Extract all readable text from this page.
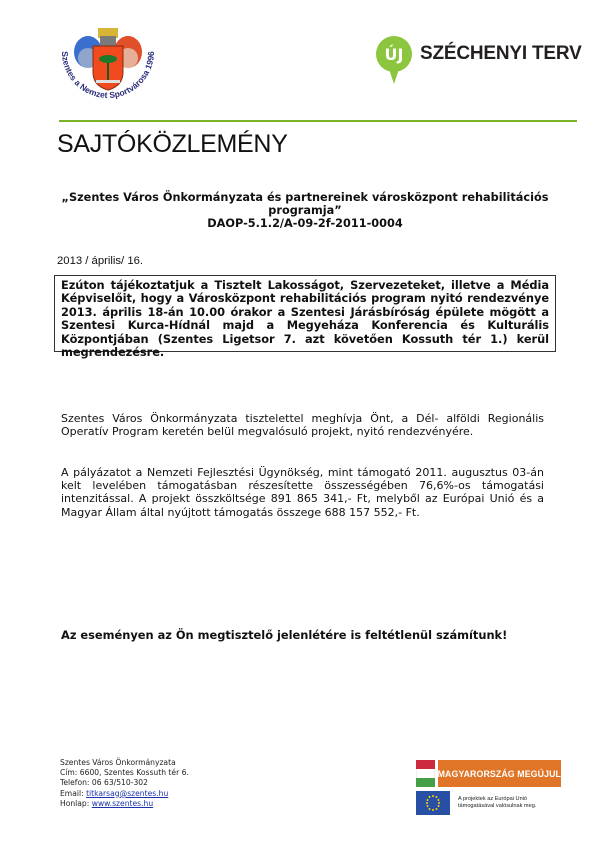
Szentes a Nemzet Sportvárosa 1996	ÚJ SZÉCHENYI TERV
SAJTÓKÖZLEMÉNY
„Szentes Város Önkormányzata és partnereinek városközpont rehabilitációs programja”
DAOP-5.1.2/A-09-2f-2011-0004
2013 / április/ 16.

Ezúton tájékoztatjuk a Tisztelt Lakosságot, Szervezeteket, illetve a Média Képviselőit, hogy a Városközpont rehabilitációs program nyitó rendezvénye 2013. április 18-án 10.00 órakor a Szentesi Járásbíróság épülete mögött a Szentesi Kurca-Hídnál majd a Megyeháza Konferencia és Kulturális Központjában (Szentes Ligetsor 7. azt követően Kossuth tér 1.) kerül megrendezésre.

Szentes Város Önkormányzata tisztelettel meghívja Önt, a Dél- alföldi Regionális Operatív Program keretén belül megvalósuló projekt, nyitó rendezvényére.

A pályázatot a Nemzeti Fejlesztési Ügynökség, mint támogató 2011. augusztus 03-án kelt levelében támogatásban részesítette összességében 76,6%-os támogatási intenzitással. A projekt összköltsége 891 865 341,- Ft, melyből az Európai Unió és a Magyar Állam által nyújtott támogatás összege 688 157 552,- Ft.

Az eseményen az Ön megtisztelő jelenlétére is feltétlenül számítunk!
Szentes Város Önkormányzata
Cím: 6600, Szentes Kossuth tér 6.
Telefon: 06 63/510-302
Email: titkarsag@szentes.hu
Honlap: www.szentes.hu
MAGYARORSZÁG MEGÚJUL
A projektek az Európai Unió
támogatásával valósulnak meg.
